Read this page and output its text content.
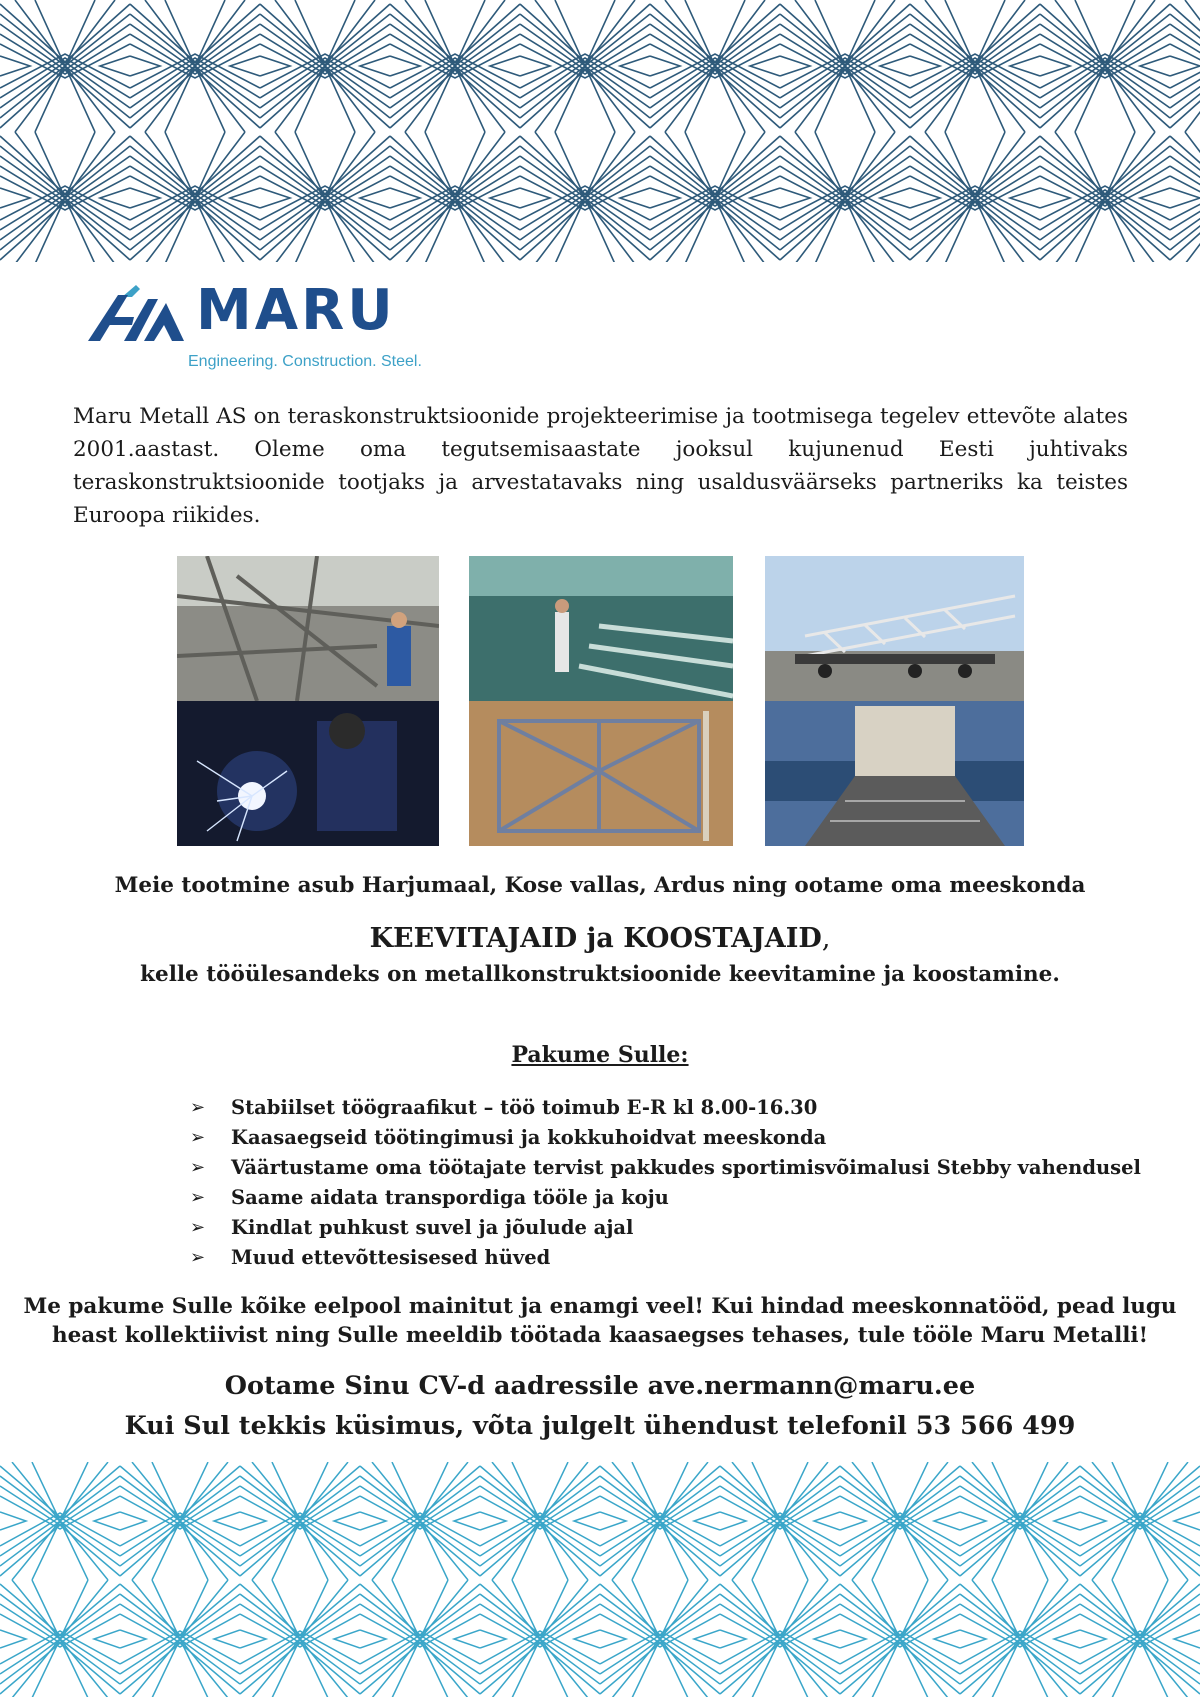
MARU
Engineering. Construction. Steel.

Maru Metall AS on teraskonstruktsioonide projekteerimise ja tootmisega tegelev ettevõte alates 2001.aastast. Oleme oma tegutsemisaastate jooksul kujunenud Eesti juhtivaks teraskonstruktsioonide tootjaks ja arvestatavaks ning usaldusväärseks partneriks ka teistes Euroopa riikides.

Meie tootmine asub Harjumaal, Kose vallas, Ardus ning ootame oma meeskonda

KEEVITAJAID ja KOOSTAJAID,

kelle tööülesandeks on metallkonstruktsioonide keevitamine ja koostamine.

Pakume Sulle:

➢ Stabiilset töögraafikut – töö toimub E-R kl 8.00-16.30
➢ Kaasaegseid töötingimusi ja kokkuhoidvat meeskonda
➢ Väärtustame oma töötajate tervist pakkudes sportimisvõimalusi Stebby vahendusel
➢ Saame aidata transpordiga tööle ja koju
➢ Kindlat puhkust suvel ja jõulude ajal
➢ Muud ettevõttesisesed hüved
Me pakume Sulle kõike eelpool mainitut ja enamgi veel! Kui hindad meeskonnatööd, pead lugu
heast kollektiivist ning Sulle meeldib töötada kaasaegses tehases, tule tööle Maru Metalli!

Ootame Sinu CV-d aadressile ave.nermann@maru.ee

Kui Sul tekkis küsimus, võta julgelt ühendust telefonil 53 566 499
